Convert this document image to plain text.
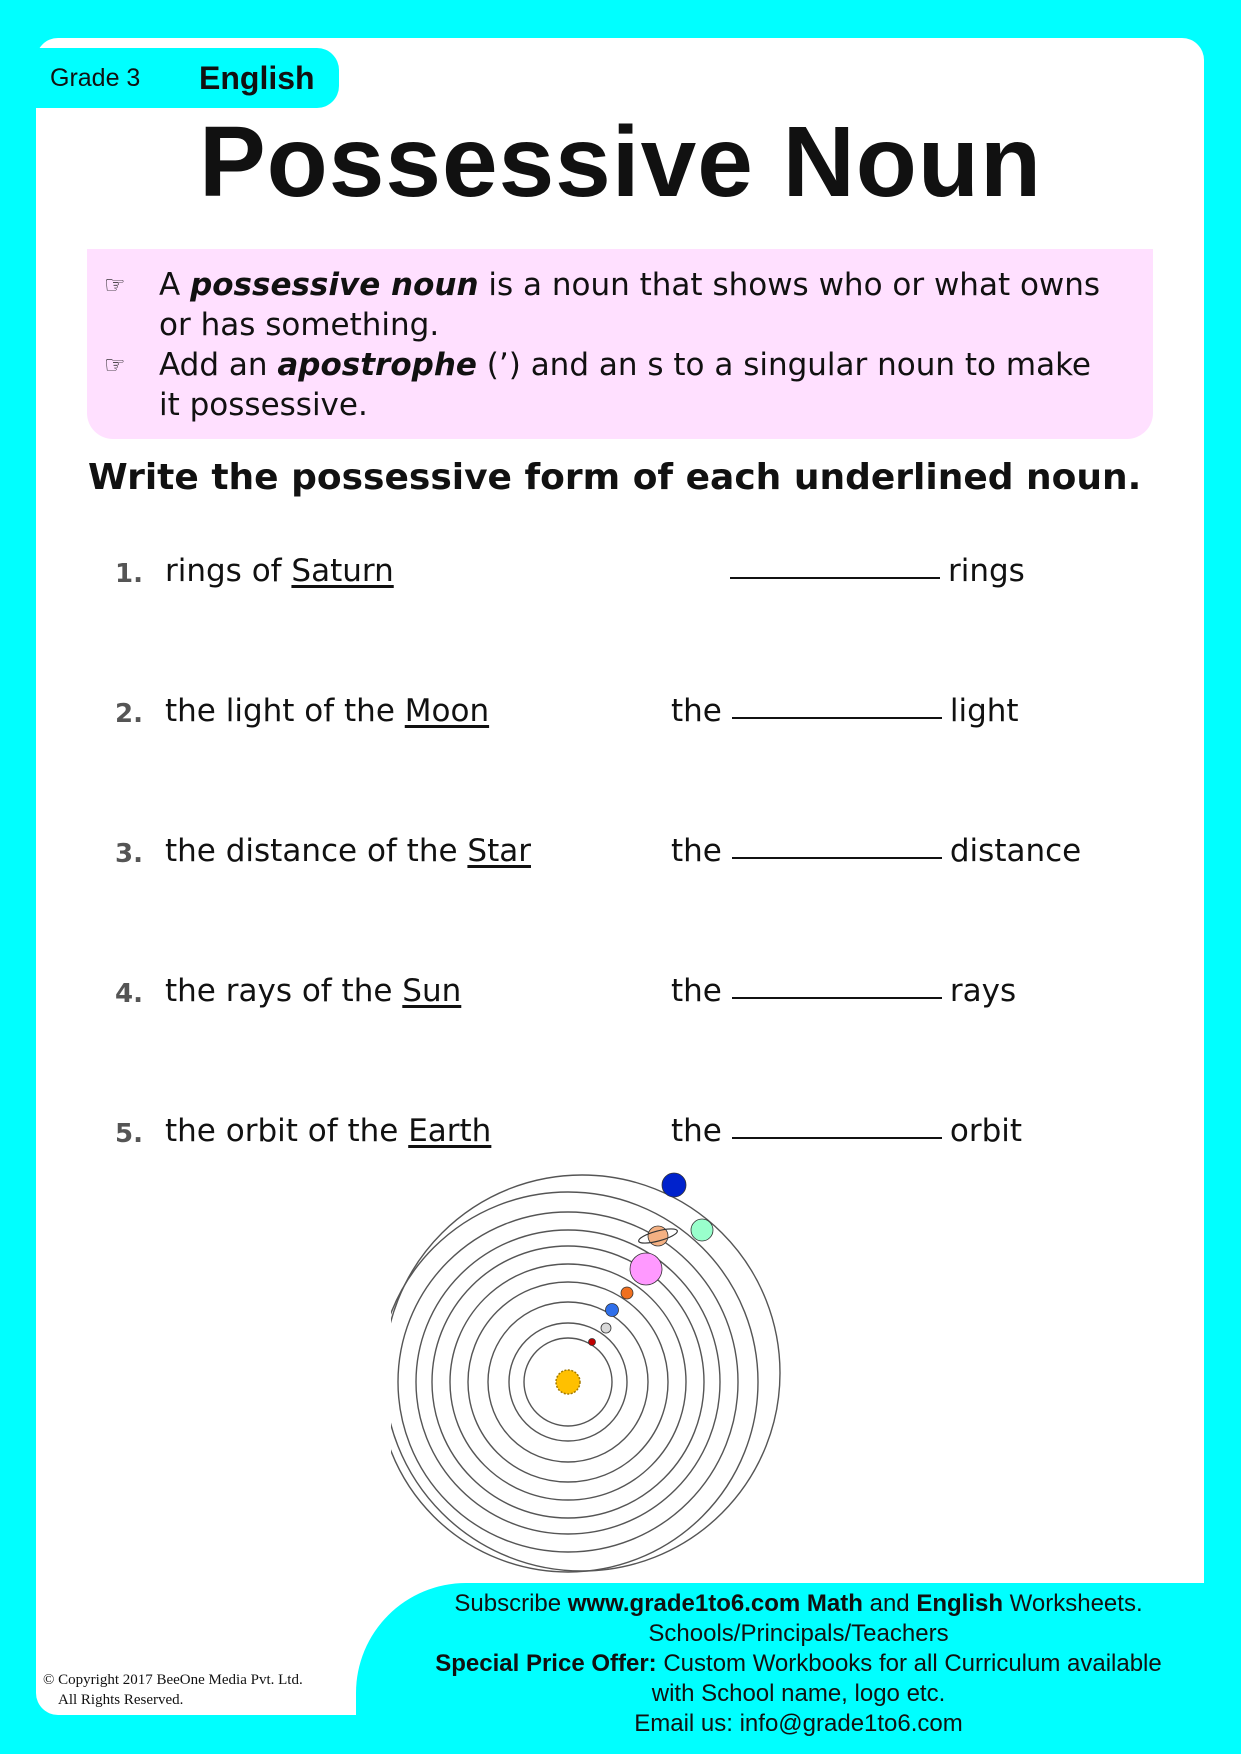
Grade 3 English
Possessive Noun
☞ A possessive noun is a noun that shows who or what owns or has something.
☞ Add an apostrophe (’) and an s to a singular noun to make it possessive.
Write the possessive form of each underlined noun.
1. rings of Saturn	rings
2. the light of the Moon	the	light
3. the distance of the Star	the	distance
4. the rays of the Sun	the	rays
5. the orbit of the Earth	the	orbit
Subscribe www.grade1to6.com Math and English Worksheets.
Schools/Principals/Teachers
Special Price Offer: Custom Workbooks for all Curriculum available
with School name, logo etc.
Email us: info@grade1to6.com
© Copyright 2017 BeeOne Media Pvt. Ltd.
All Rights Reserved.
